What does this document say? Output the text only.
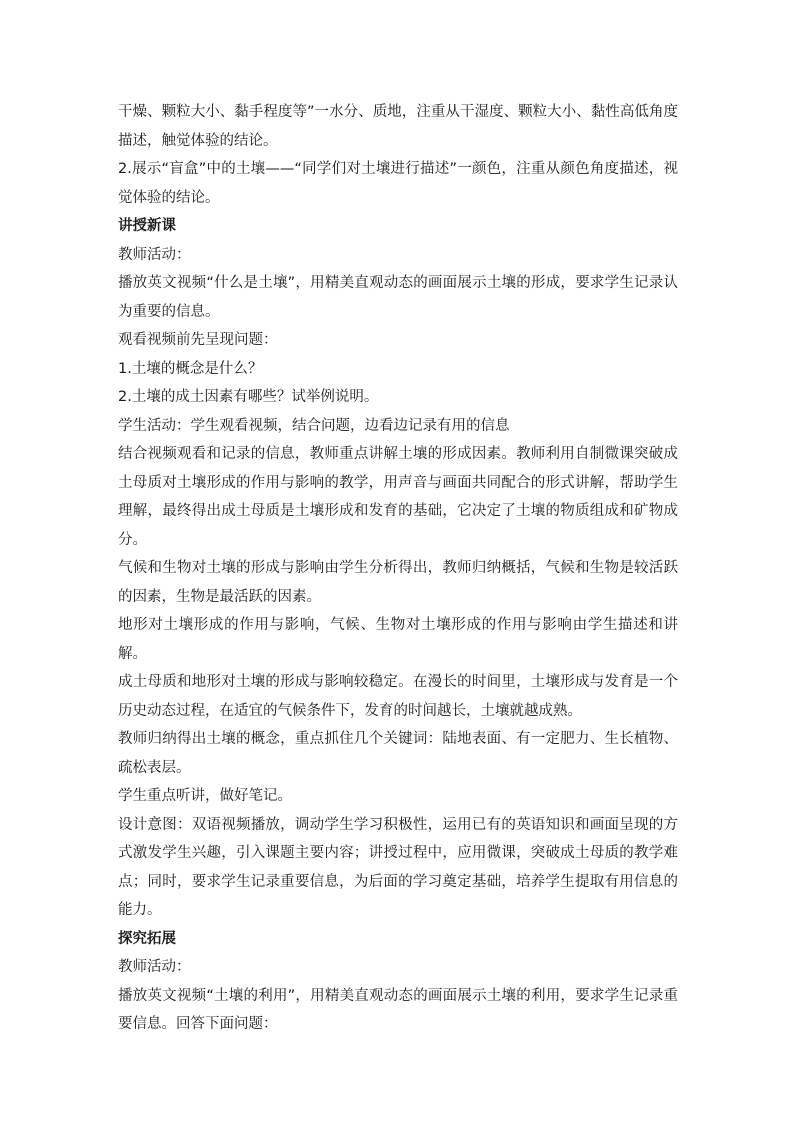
干燥、颗粒大小、黏手程度等”一水分、质地，注重从干湿度、颗粒大小、黏性高低角度描述，触觉体验的结论。

2.展示“盲盒”中的土壤——“同学们对土壤进行描述”一颜色，注重从颜色角度描述，视觉体验的结论。

讲授新课

教师活动：

播放英文视频“什么是土壤”，用精美直观动态的画面展示土壤的形成，要求学生记录认为重要的信息。

观看视频前先呈现问题：

1.土壤的概念是什么？

2.土壤的成土因素有哪些？试举例说明。

学生活动：学生观看视频，结合问题，边看边记录有用的信息

结合视频观看和记录的信息，教师重点讲解土壤的形成因素。教师利用自制微课突破成土母质对土壤形成的作用与影响的教学，用声音与画面共同配合的形式讲解，帮助学生理解，最终得出成土母质是土壤形成和发育的基础，它决定了土壤的物质组成和矿物成分。

气候和生物对土壤的形成与影响由学生分析得出，教师归纳概括，气候和生物是较活跃的因素，生物是最活跃的因素。

地形对土壤形成的作用与影响，气候、生物对土壤形成的作用与影响由学生描述和讲解。

成土母质和地形对土壤的形成与影响较稳定。在漫长的时间里，土壤形成与发育是一个历史动态过程，在适宜的气候条件下，发育的时间越长，土壤就越成熟。

教师归纳得出土壤的概念，重点抓住几个关键词：陆地表面、有一定肥力、生长植物、疏松表层。

学生重点听讲，做好笔记。

设计意图：双语视频播放，调动学生学习积极性，运用已有的英语知识和画面呈现的方式激发学生兴趣，引入课题主要内容；讲授过程中，应用微课，突破成土母质的教学难点；同时，要求学生记录重要信息，为后面的学习奠定基础，培养学生提取有用信息的能力。

探究拓展

教师活动：

播放英文视频“土壤的利用”，用精美直观动态的画面展示土壤的利用，要求学生记录重要信息。回答下面问题：
